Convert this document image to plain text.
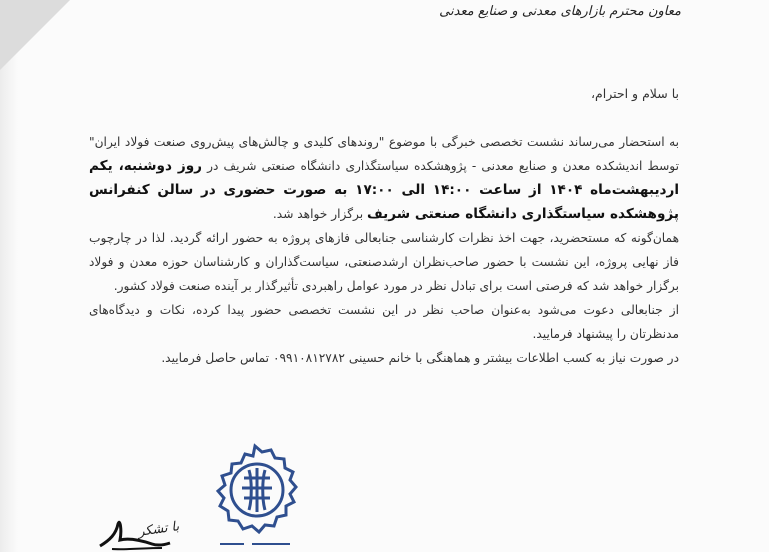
معاون محترم بازارهای معدنی و صنایع معدنی
با سلام و احترام،

به استحضار می‌رساند نشست تخصصی خبرگی با موضوع "روندهای کلیدی و چالش‌های پیش‌روی صنعت فولاد ایران" توسط اندیشکده معدن و صنایع معدنی - پژوهشکده سیاستگذاری دانشگاه صنعتی شریف در روز دوشنبه، یکم اردیبهشت‌ماه ۱۴۰۴ از ساعت ۱۴:۰۰ الی ۱۷:۰۰ به صورت حضوری در سالن کنفرانس پژوهشکده سیاستگذاری دانشگاه صنعتی شریف برگزار خواهد شد.

همان‌گونه که مستحضرید، جهت اخذ نظرات کارشناسی جنابعالی فازهای پروژه به حضور ارائه گردید. لذا در چارچوب فاز نهایی پروژه، این نشست با حضور صاحب‌نظران ارشدصنعتی، سیاست‌گذاران و کارشناسان حوزه معدن و فولاد برگزار خواهد شد که فرصتی است برای تبادل نظر در مورد عوامل راهبردی تأثیرگذار بر آینده صنعت فولاد کشور.

از جنابعالی دعوت می‌شود به‌عنوان صاحب نظر در این نشست تخصصی حضور پیدا کرده، نکات و دیدگاه‌های مدنظرتان را پیشنهاد فرمایید.

در صورت نیاز به کسب اطلاعات بیشتر و هماهنگی با خانم حسینی ۰۹۹۱۰۸۱۲۷۸۲ تماس حاصل فرمایید.

با تشکر
